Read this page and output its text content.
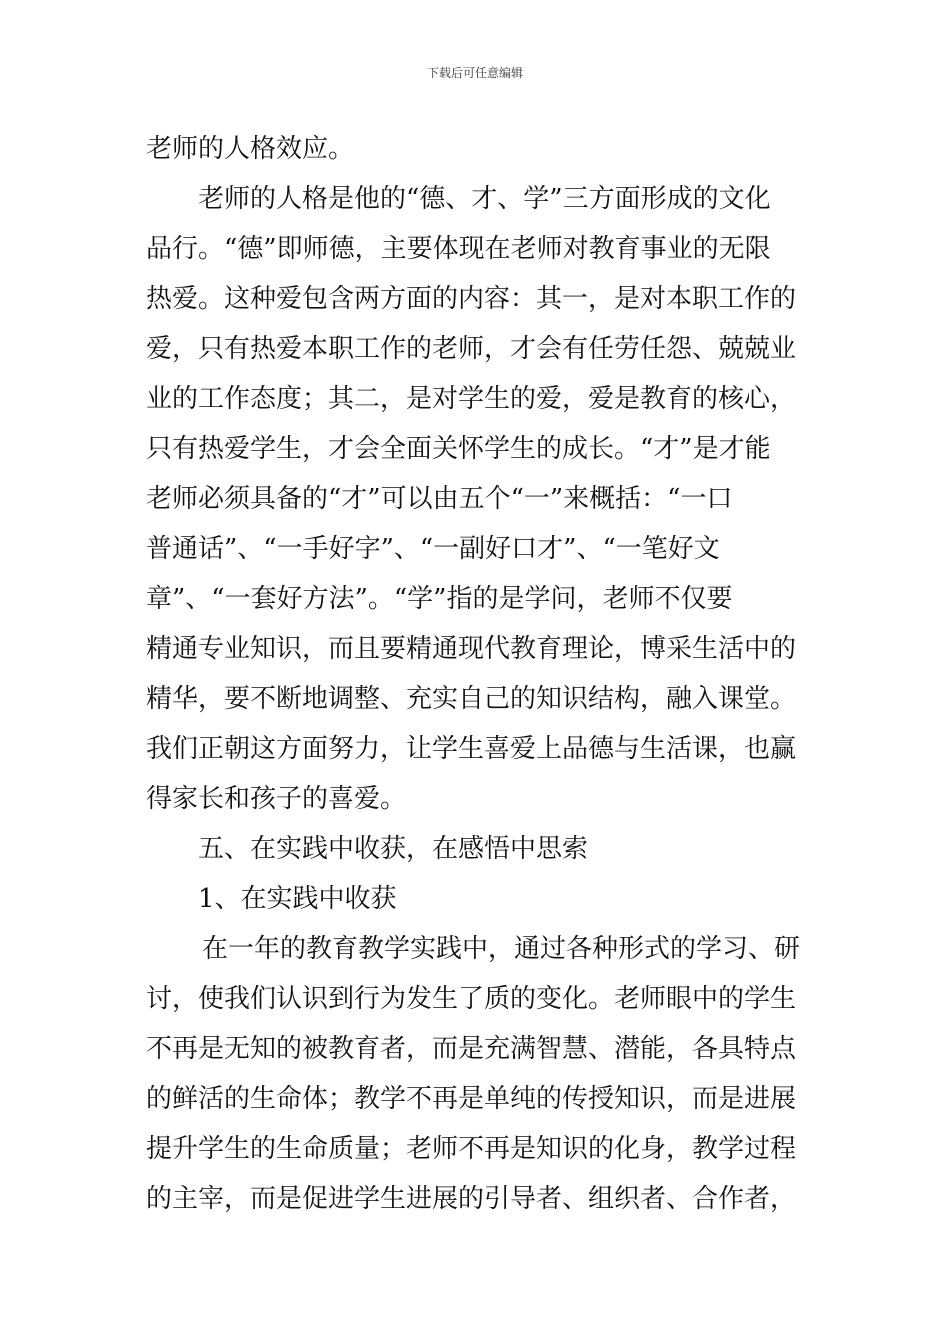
下载后可任意编辑
老师的人格效应。
老师的人格是他的“德、才、学”三方面形成的文化
品行。“德”即师德，主要体现在老师对教育事业的无限
热爱。这种爱包含两方面的内容：其一，是对本职工作的
爱，只有热爱本职工作的老师，才会有任劳任怨、兢兢业
业的工作态度；其二，是对学生的爱，爱是教育的核心，
只有热爱学生，才会全面关怀学生的成长。“才”是才能
老师必须具备的“才”可以由五个“一”来概括：“一口
普通话”、“一手好字”、“一副好口才”、“一笔好文
章”、“一套好方法”。“学”指的是学问，老师不仅要
精通专业知识，而且要精通现代教育理论，博采生活中的
精华，要不断地调整、充实自己的知识结构，融入课堂。
我们正朝这方面努力，让学生喜爱上品德与生活课，也赢
得家长和孩子的喜爱。
五、在实践中收获，在感悟中思索
1、在实践中收获
在一年的教育教学实践中，通过各种形式的学习、研
讨，使我们认识到行为发生了质的变化。老师眼中的学生
不再是无知的被教育者，而是充满智慧、潜能，各具特点
的鲜活的生命体；教学不再是单纯的传授知识，而是进展
提升学生的生命质量；老师不再是知识的化身，教学过程
的主宰，而是促进学生进展的引导者、组织者、合作者，
